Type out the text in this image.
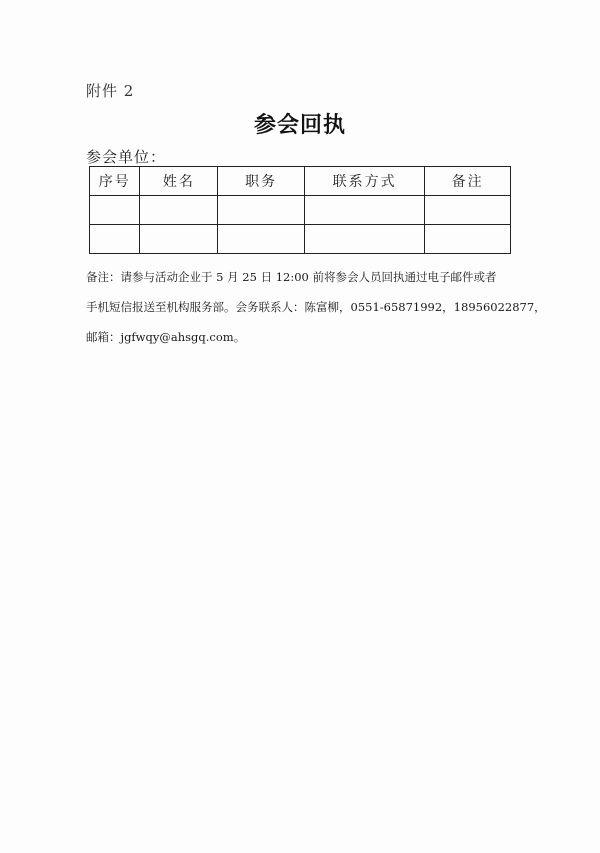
附件 2
参会回执
参会单位：
序号	姓名	职务	联系方式	备注

备注：请参与活动企业于 5 月 25 日 12:00 前将参会人员回执通过电子邮件或者

手机短信报送至机构服务部。会务联系人：陈富柳，0551-65871992，18956022877，

邮箱：jgfwqy@ahsgq.com。
